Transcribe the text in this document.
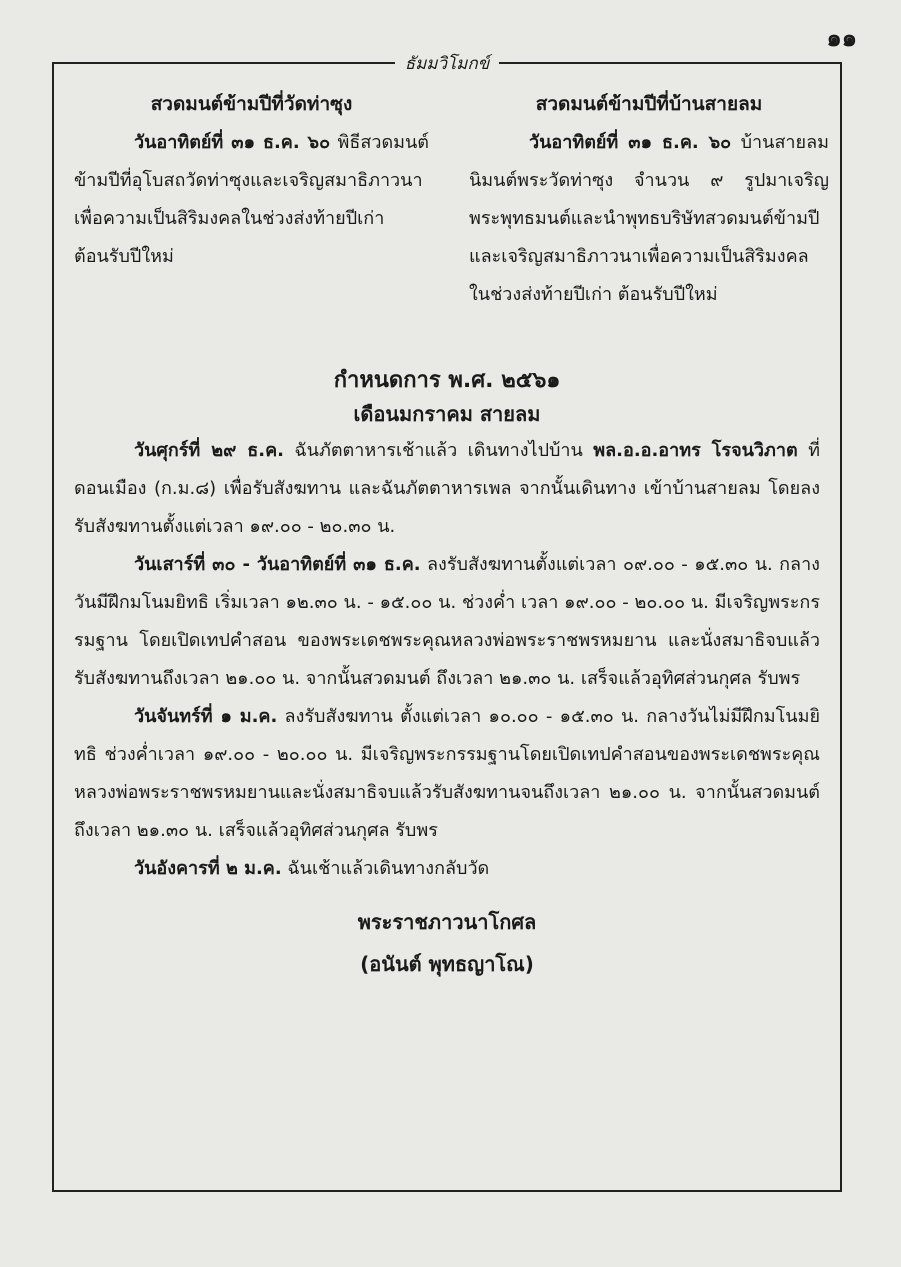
๑๑
ธัมมวิโมกข์
สวดมนต์ข้ามปีที่วัดท่าซุง

วันอาทิตย์ที่ ๓๑ ธ.ค. ๖๐ พิธีสวดมนต์ข้ามปีที่อุโบสถวัดท่าซุงและเจริญสมาธิภาวนาเพื่อความเป็นสิริมงคลในช่วงส่งท้ายปีเก่า ต้อนรับปีใหม่

สวดมนต์ข้ามปีที่บ้านสายลม

วันอาทิตย์ที่ ๓๑ ธ.ค. ๖๐ บ้านสายลมนิมนต์พระวัดท่าซุง จำนวน ๙ รูปมาเจริญพระพุทธมนต์และนำพุทธบริษัทสวดมนต์ข้ามปีและเจริญสมาธิภาวนาเพื่อความเป็นสิริมงคลในช่วงส่งท้ายปีเก่า ต้อนรับปีใหม่

กำหนดการ พ.ศ. ๒๕๖๑
เดือนมกราคม สายลม

วันศุกร์ที่ ๒๙ ธ.ค. ฉันภัตตาหารเช้าแล้ว เดินทางไปบ้าน พล.อ.อ.อาทร โรจนวิภาต ที่ดอนเมือง (ก.ม.๘) เพื่อรับสังฆทาน และฉันภัตตาหารเพล จากนั้นเดินทาง เข้าบ้านสายลม โดยลงรับสังฆทานตั้งแต่เวลา ๑๙.๐๐ - ๒๐.๓๐ น.

วันเสาร์ที่ ๓๐ - วันอาทิตย์ที่ ๓๑ ธ.ค. ลงรับสังฆทานตั้งแต่เวลา ๐๙.๐๐ - ๑๕.๓๐ น. กลางวันมีฝึกมโนมยิทธิ เริ่มเวลา ๑๒.๓๐ น. - ๑๕.๐๐ น. ช่วงค่ำ เวลา ๑๙.๐๐ - ๒๐.๐๐ น. มีเจริญพระกรรมฐาน โดยเปิดเทปคำสอน ของพระเดชพระคุณหลวงพ่อพระราชพรหมยาน และนั่งสมาธิจบแล้วรับสังฆทานถึงเวลา ๒๑.๐๐ น. จากนั้นสวดมนต์ ถึงเวลา ๒๑.๓๐ น. เสร็จแล้วอุทิศส่วนกุศล รับพร

วันจันทร์ที่ ๑ ม.ค. ลงรับสังฆทาน ตั้งแต่เวลา ๑๐.๐๐ - ๑๕.๓๐ น. กลางวันไม่มีฝึกมโนมยิทธิ ช่วงค่ำเวลา ๑๙.๐๐ - ๒๐.๐๐ น. มีเจริญพระกรรมฐานโดยเปิดเทปคำสอนของพระเดชพระคุณหลวงพ่อพระราชพรหมยานและนั่งสมาธิจบแล้วรับสังฆทานจนถึงเวลา ๒๑.๐๐ น. จากนั้นสวดมนต์ถึงเวลา ๒๑.๓๐ น. เสร็จแล้วอุทิศส่วนกุศล รับพร

วันอังคารที่ ๒ ม.ค. ฉันเช้าแล้วเดินทางกลับวัด

พระราชภาวนาโกศล
(อนันต์ พุทธญาโณ)
